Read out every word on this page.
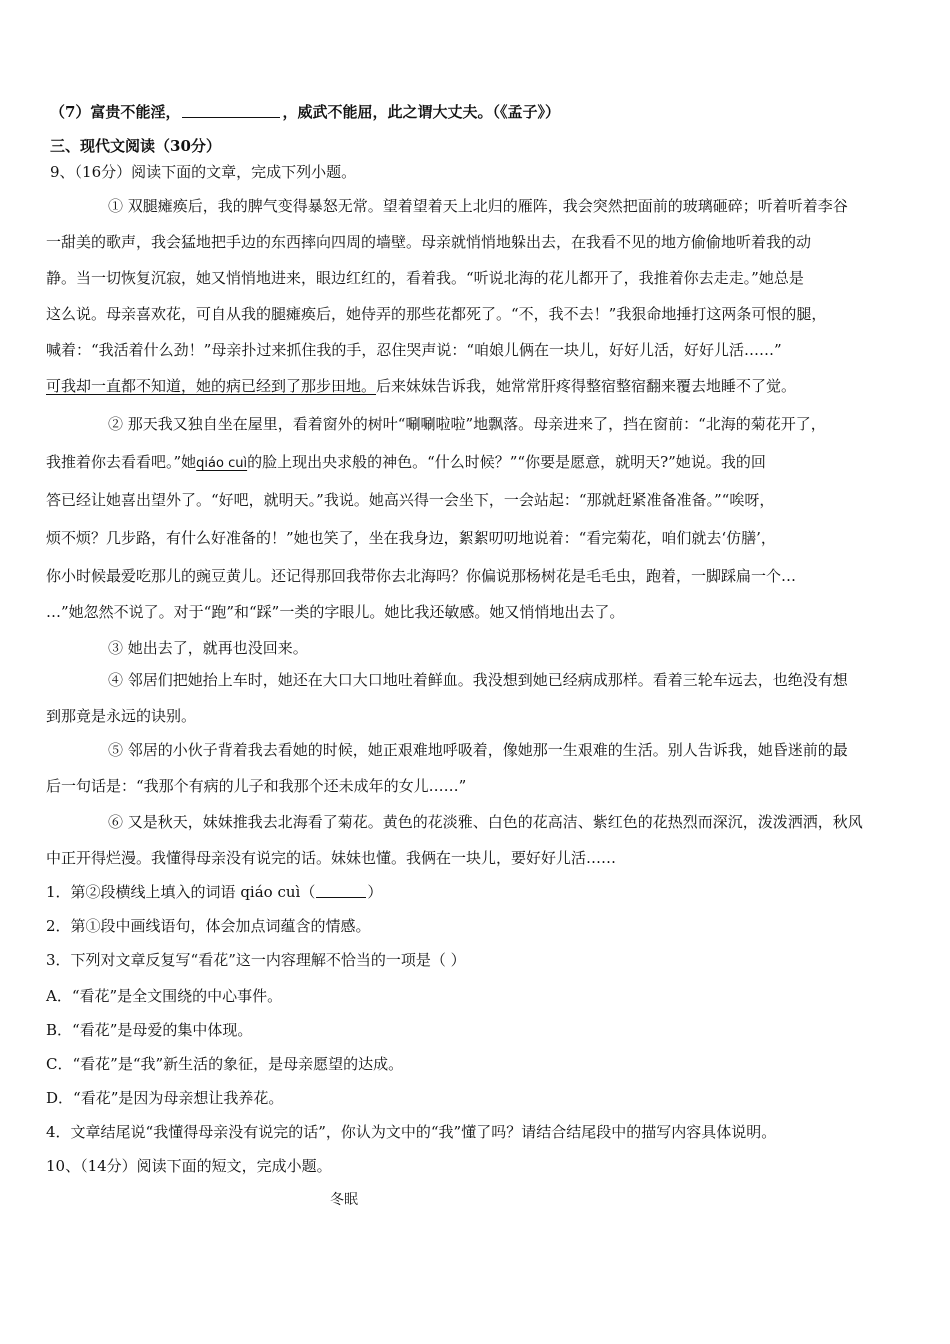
（7）富贵不能淫，	，威武不能屈，此之谓大丈夫。（《孟子》）
三、现代文阅读（30分）
9、（16分）阅读下面的文章，完成下列小题。
① 双腿瘫痪后，我的脾气变得暴怒无常。望着望着天上北归的雁阵，我会突然把面前的玻璃砸碎；听着听着李谷
一甜美的歌声，我会猛地把手边的东西摔向四周的墙壁。母亲就悄悄地躲出去，在我看不见的地方偷偷地听着我的动
静。当一切恢复沉寂，她又悄悄地进来，眼边红红的，看着我。“听说北海的花儿都开了，我推着你去走走。”她总是
这么说。母亲喜欢花，可自从我的腿瘫痪后，她侍弄的那些花都死了。“不，我不去！”我狠命地捶打这两条可恨的腿，
喊着：“我活着什么劲！”母亲扑过来抓住我的手，忍住哭声说：“咱娘儿俩在一块儿，好好儿活，好好儿活……”
可我却一直都不知道，她的病已经到了那步田地。后来妹妹告诉我，她常常肝疼得整宿整宿翻来覆去地睡不了觉。
② 那天我又独自坐在屋里，看着窗外的树叶“唰唰啦啦”地飘落。母亲进来了，挡在窗前：“北海的菊花开了，
我推着你去看看吧。”她qiáo cuì的脸上现出央求般的神色。“什么时候？”“你要是愿意，就明天?”她说。我的回
答已经让她喜出望外了。“好吧，就明天。”我说。她高兴得一会坐下，一会站起：“那就赶紧准备准备。”“唉呀，
烦不烦？几步路，有什么好准备的！”她也笑了，坐在我身边，絮絮叨叨地说着：“看完菊花，咱们就去‘仿膳’，
你小时候最爱吃那儿的豌豆黄儿。还记得那回我带你去北海吗？你偏说那杨树花是毛毛虫，跑着，一脚踩扁一个…
…”她忽然不说了。对于“跑”和“踩”一类的字眼儿。她比我还敏感。她又悄悄地出去了。
③ 她出去了，就再也没回来。
④ 邻居们把她抬上车时，她还在大口大口地吐着鲜血。我没想到她已经病成那样。看着三轮车远去，也绝没有想
到那竟是永远的诀别。
⑤ 邻居的小伙子背着我去看她的时候，她正艰难地呼吸着，像她那一生艰难的生活。别人告诉我，她昏迷前的最
后一句话是：“我那个有病的儿子和我那个还未成年的女儿……”
⑥ 又是秋天，妹妹推我去北海看了菊花。黄色的花淡雅、白色的花高洁、紫红色的花热烈而深沉，泼泼洒洒，秋风
中正开得烂漫。我懂得母亲没有说完的话。妹妹也懂。我俩在一块儿，要好好儿活……
1．第②段横线上填入的词语 qiáo cuì（	）
2．第①段中画线语句，体会加点词蕴含的情感。
3．下列对文章反复写“看花”这一内容理解不恰当的一项是（ ）
A．“看花”是全文围绕的中心事件。
B．“看花”是母爱的集中体现。
C．“看花”是“我”新生活的象征，是母亲愿望的达成。
D．“看花”是因为母亲想让我养花。
4．文章结尾说“我懂得母亲没有说完的话”，你认为文中的“我”懂了吗？请结合结尾段中的描写内容具体说明。
10、（14分）阅读下面的短文，完成小题。
冬眠
